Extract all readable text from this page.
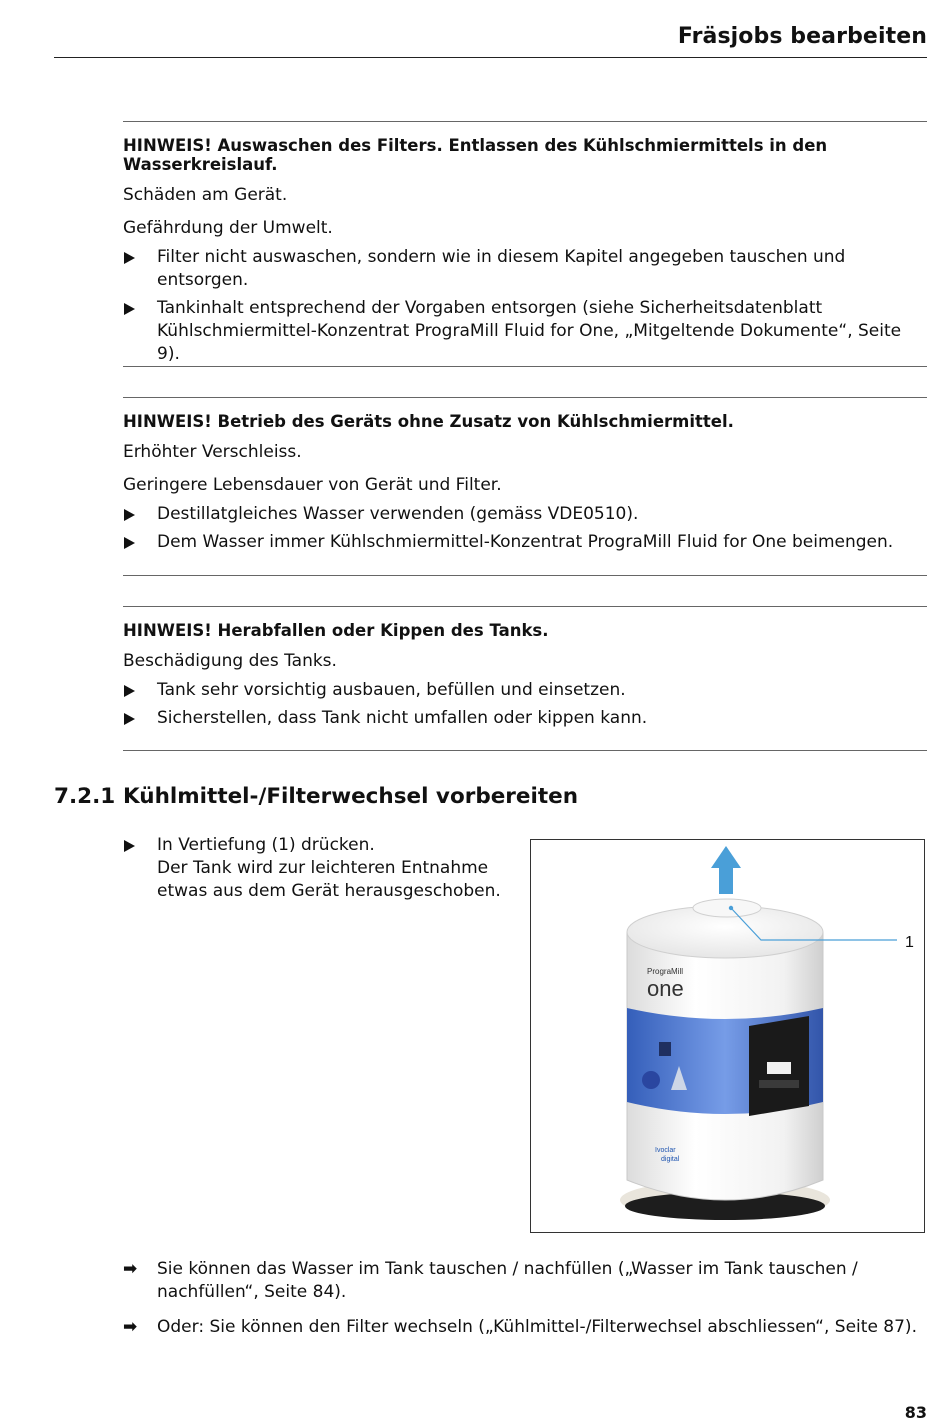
Fräsjobs bearbeiten
HINWEIS! Auswaschen des Filters. Entlassen des Kühlschmiermittels in den Wasserkreislauf.

Schäden am Gerät.

Gefährdung der Umwelt.

Filter nicht auswaschen, sondern wie in diesem Kapitel angegeben tauschen und entsorgen.
Tankinhalt entsprechend der Vorgaben entsorgen (siehe Sicherheitsdatenblatt Kühlschmiermittel-Konzentrat PrograMill Fluid for One, „Mitgeltende Dokumente“, Seite 9).
HINWEIS! Betrieb des Geräts ohne Zusatz von Kühlschmiermittel.

Erhöhter Verschleiss.

Geringere Lebensdauer von Gerät und Filter.

Destillatgleiches Wasser verwenden (gemäss VDE0510).
Dem Wasser immer Kühlschmiermittel-Konzentrat PrograMill Fluid for One beimengen.
HINWEIS! Herabfallen oder Kippen des Tanks.

Beschädigung des Tanks.

Tank sehr vorsichtig ausbauen, befüllen und einsetzen.
Sicherstellen, dass Tank nicht umfallen oder kippen kann.
7.2.1 Kühlmittel-/Filterwechsel vorbereiten
In Vertiefung (1) drücken.
Der Tank wird zur leichteren Entnahme etwas aus dem Gerät herausgeschoben.
PrograMill
one
Ivoclar
digital
1
➡	Sie können das Wasser im Tank tauschen / nachfüllen („Wasser im Tank tauschen / nachfüllen“, Seite 84).
➡	Oder: Sie können den Filter wechseln („Kühlmittel-/Filterwechsel abschliessen“, Seite 87).
83
